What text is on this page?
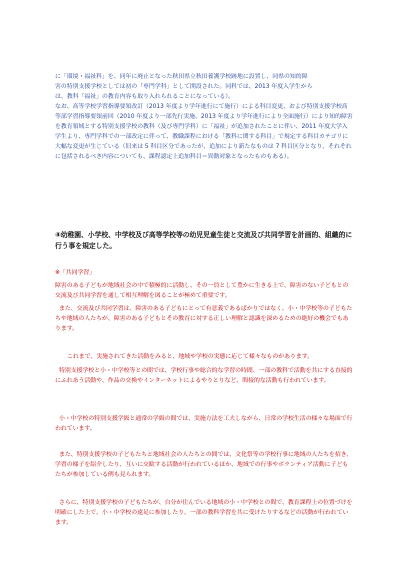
に「環境・福祉科」を、同年に廃止となった秋田県立秋田養護学校跡地に設置し、同県の知的障
害の特別支援学校としては初の「専門学科」として開設された。同科では、2013 年度入学生から
は、教科「福祉」の教育内容も取り入れられることになっている）。
なお、高等学校学習指導要領改訂（2013 年度より学年進行にて施行）による科目変更、および特別支援学校高等部学習指導要領前回（2010 年度より一部先行実施、2013 年度より学年進行により全面施行）により知的障害を教育領域とする特別支援学校の教科（及び専門学科）に「福祉」が追加されたことに伴い、2011 年度大学入学生より、専門学科での一部改定に伴って、教職課程における「教科に関する科目」で規定する科目カテゴリに大幅な変更が生じている（旧来は 5 科目区分であったが、追加により新たなものは 7 科目区分となり、それぞれに包括されるべき内容についても、課程認定上追加科目＝異動対象となったものもある）。
④幼稚園、小学校、中学校及び高等学校等の幼児児童生徒と交流及び共同学習を計画的、組織的に行う事を規定した。
※「共同学習」
障害のある子どもが地域社会の中で積極的に活動し、その一員として豊かに生きる上で、障害のない子どもとの交流及び共同学習を通して相互理解を図ることが極めて重要です。
また、交流及び共同学習は、障害のある子どもにとって有意義であるばかりではなく、小・中学校等の子どもたちや地域の人たちが、障害のある子どもとその教育に対する正しい理解と認識を深めるための絶好の機会でもあります。
これまで、実施されてきた活動をみると、地域や学校の実態に応じて様々なものがあります。
特別支援学校と小・中学校等との間では、学校行事や総合的な学習の時間、一部の教科で活動を共にする直接的にふれあう活動や、作品の交換やインターネットによるやりとりなど、間接的な活動も行われています。
小・中学校の特別支援学級と通常の学級の間では、実施方法を工夫しながら、日常の学校生活の様々な場面で行われています。
また、特別支援学校の子どもたちと地域社会の人たちとの間では、文化祭等の学校行事に地域の人たちを招き、学習の様子を紹介したり、互いに交歓する活動が行われているほか、地域での行事やボランティア活動に子どもたちが参加している例も見られます。
さらに、特別支援学校の子どもたちが、自分が住んでいる地域の小・中学校との間で、教育課程上の位置づけを明確にした上で、小・中学校の遠足に参加したり、一部の教科学習を共に受けたりするなどの活動が行われています。
